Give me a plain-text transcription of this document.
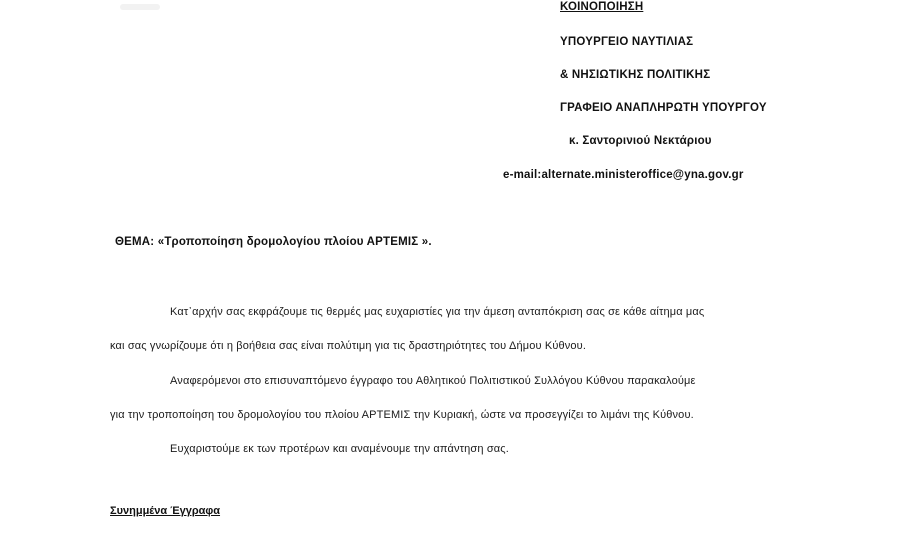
ΚΟΙΝΟΠΟΙΗΣΗ
ΥΠΟΥΡΓΕΙΟ ΝΑΥΤΙΛΙΑΣ
& ΝΗΣΙΩΤΙΚΗΣ ΠΟΛΙΤΙΚΗΣ
ΓΡΑΦΕΙΟ ΑΝΑΠΛΗΡΩΤΗ ΥΠΟΥΡΓΟΥ
κ. Σαντορινιού Νεκτάριου
e-mail:alternate.ministeroffice@yna.gov.gr
ΘΕΜΑ: «Τροποποίηση δρομολογίου πλοίου ΑΡΤΕΜΙΣ ».
Κατ᾽αρχήν σας εκφράζουμε τις θερμές μας ευχαριστίες για την άμεση ανταπόκριση σας σε κάθε αίτημα μας
και σας γνωρίζουμε ότι η βοήθεια σας είναι πολύτιμη για τις δραστηριότητες του Δήμου Κύθνου.
Αναφερόμενοι στο επισυναπτόμενο έγγραφο του Αθλητικού Πολιτιστικού Συλλόγου Κύθνου παρακαλούμε
για την τροποποίηση του δρομολογίου του πλοίου ΑΡΤΕΜΙΣ την Κυριακή, ώστε να προσεγγίζει το λιμάνι της Κύθνου.
Ευχαριστούμε εκ των προτέρων και αναμένουμε την απάντηση σας.
Συνημμένα Έγγραφα
